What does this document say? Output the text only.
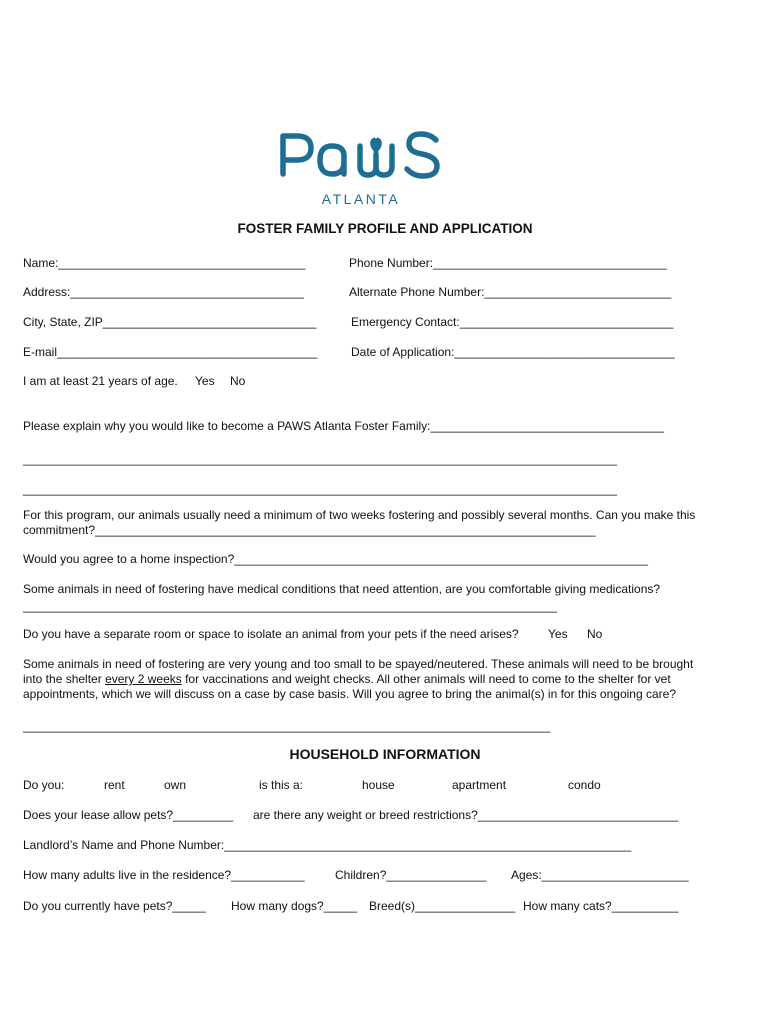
ATLANTA
FOSTER FAMILY PROFILE AND APPLICATION
Name:_____________________________________	Phone Number:___________________________________
Address:___________________________________	Alternate Phone Number:____________________________
City, State, ZIP________________________________	Emergency Contact:________________________________
E-mail_______________________________________	Date of Application:_________________________________
I am at least 21 years of age. Yes No
Please explain why you would like to become a PAWS Atlanta Foster Family:___________________________________
_________________________________________________________________________________________
_________________________________________________________________________________________
For this program, our animals usually need a minimum of two weeks fostering and possibly several months. Can you make this commitment?___________________________________________________________________________
Would you agree to a home inspection?______________________________________________________________
Some animals in need of fostering have medical conditions that need attention, are you comfortable giving medications?
________________________________________________________________________________
Do you have a separate room or space to isolate an animal from your pets if the need arises? Yes No
Some animals in need of fostering are very young and too small to be spayed/neutered. These animals will need to be brought into the shelter every 2 weeks for vaccinations and weight checks. All other animals will need to come to the shelter for vet appointments, which we will discuss on a case by case basis. Will you agree to bring the animal(s) in for this ongoing care?
_______________________________________________________________________________
HOUSEHOLD INFORMATION
Do you:	rent	own	is this a:	house	apartment	condo
Does your lease allow pets?_________ are there any weight or breed restrictions?______________________________
Landlord’s Name and Phone Number:_____________________________________________________________
How many adults live in the residence?___________	Children?_______________ Ages:______________________
Do you currently have pets?_____ How many dogs?_____ Breed(s)_______________ How many cats?__________
